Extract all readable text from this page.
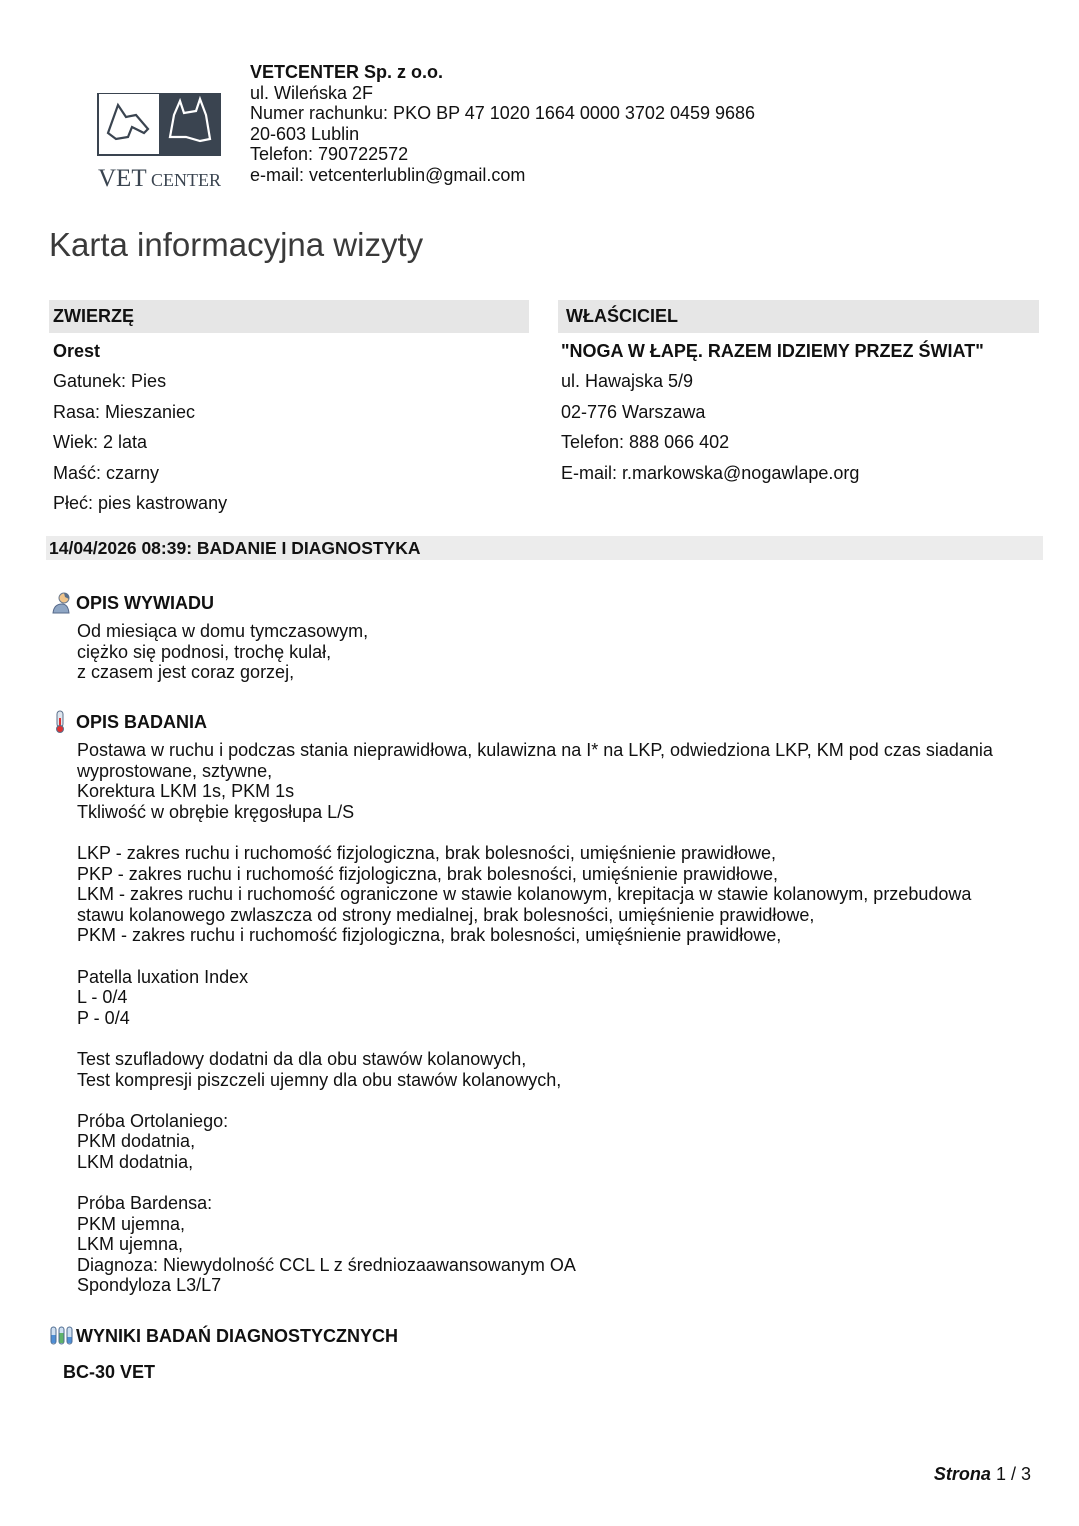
VET CENTER
VETCENTER Sp. z o.o.
ul. Wileńska 2F
Numer rachunku: PKO BP 47 1020 1664 0000 3702 0459 9686
20-603 Lublin
Telefon: 790722572
e-mail: vetcenterlublin@gmail.com
Karta informacyjna wizyty
ZWIERZĘ	WŁAŚCICIEL
Orest
Gatunek: Pies
Rasa: Mieszaniec
Wiek: 2 lata
Maść: czarny
Płeć: pies kastrowany
"NOGA W ŁAPĘ. RAZEM IDZIEMY PRZEZ ŚWIAT"
ul. Hawajska 5/9
02-776 Warszawa
Telefon: 888 066 402
E-mail: r.markowska@nogawlape.org
14/04/2026 08:39: BADANIE I DIAGNOSTYKA
OPIS WYWIADU
Od miesiąca w domu tymczasowym,
ciężko się podnosi, trochę kulał,
z czasem jest coraz gorzej,
OPIS BADANIA
Postawa w ruchu i podczas stania nieprawidłowa, kulawizna na I* na LKP, odwiedziona LKP, KM pod czas siadania
wyprostowane, sztywne,
Korektura LKM 1s, PKM 1s
Tkliwość w obrębie kręgosłupa L/S

LKP - zakres ruchu i ruchomość fizjologiczna, brak bolesności, umięśnienie prawidłowe,
PKP - zakres ruchu i ruchomość fizjologiczna, brak bolesności, umięśnienie prawidłowe,
LKM - zakres ruchu i ruchomość ograniczone w stawie kolanowym, krepitacja w stawie kolanowym, przebudowa
stawu kolanowego zwlaszcza od strony medialnej, brak bolesności, umięśnienie prawidłowe,
PKM - zakres ruchu i ruchomość fizjologiczna, brak bolesności, umięśnienie prawidłowe,

Patella luxation Index
L - 0/4
P - 0/4

Test szufladowy dodatni da dla obu stawów kolanowych,
Test kompresji piszczeli ujemny dla obu stawów kolanowych,

Próba Ortolaniego:
PKM dodatnia,
LKM dodatnia,

Próba Bardensa:
PKM ujemna,
LKM ujemna,
Diagnoza: Niewydolność CCL L z średniozaawansowanym OA
Spondyloza L3/L7
WYNIKI BADAŃ DIAGNOSTYCZNYCH
BC-30 VET
Strona 1 / 3
